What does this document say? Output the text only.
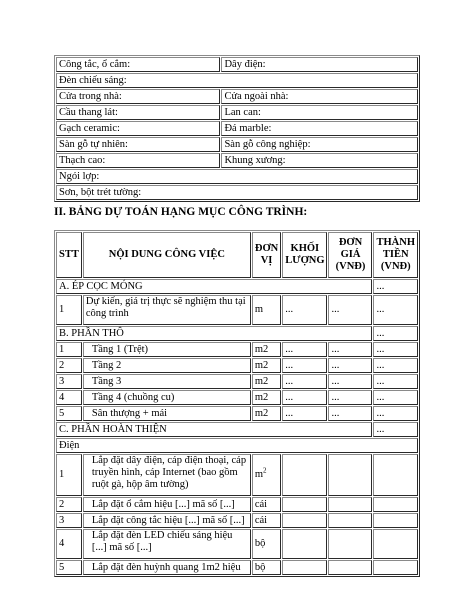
Công tắc, ổ cắm:	Dây điện:
Đèn chiếu sáng:	
Cửa trong nhà:	Cửa ngoài nhà:
Cầu thang lát:	Lan can:
Gạch ceramic:	Đá marble:
Sàn gỗ tự nhiên:	Sàn gỗ công nghiệp:
Thạch cao:	Khung xương:
Ngói lợp:	
Sơn, bột trét tường:	
II. BẢNG DỰ TOÁN HẠNG MỤC CÔNG TRÌNH:
STT	NỘI DUNG CÔNG VIỆC	ĐƠN VỊ	KHỐI LƯỢNG	ĐƠN GIÁ (VNĐ)	THÀNH TIỀN (VNĐ)
A. ÉP CỌC MÓNG					...
1	Dự kiến, giá trị thực sẽ nghiệm thu tại công trình	m	...	...	...
B. PHẦN THÔ					...
1	Tầng 1 (Trệt)	m2	...	...	...
2	Tầng 2	m2	...	...	...
3	Tầng 3	m2	...	...	...
4	Tầng 4 (chuồng cu)	m2	...	...	...
5	Sân thượng + mái	m2	...	...	...
C. PHẦN HOÀN THIỆN					...
Điện					
1	Lắp đặt dây điện, cáp điện thoại, cáp truyền hình, cáp Internet (bao gồm ruột gà, hộp âm tường)	$m^2$			
2	Lắp đặt ổ cắm hiệu [...] mã số [...]	cái			
3	Lắp đặt công tắc hiệu [...] mã số [...]	cái			
4	Lắp đặt đèn LED chiếu sáng hiệu [...] mã số [...]	bộ			
5	Lắp đặt đèn huỳnh quang 1m2 hiệu	bộ			
